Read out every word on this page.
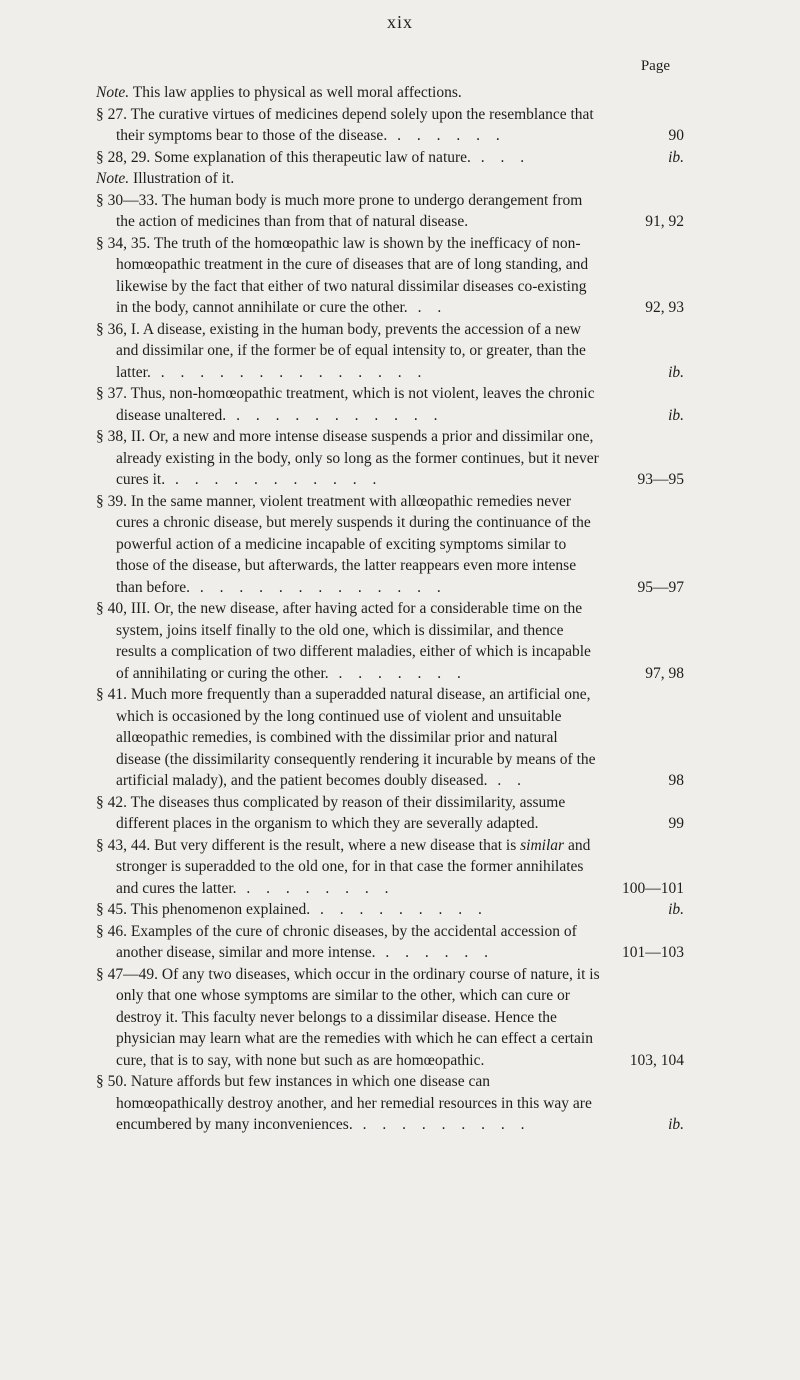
xix
Page
Note. This law applies to physical as well moral affections.
§ 27. The curative virtues of medicines depend solely upon the resemblance that their symptoms bear to those of the disease. . . . . . .	90
§ 28, 29. Some explanation of this therapeutic law of nature. . . .	ib.
Note. Illustration of it.
§ 30—33. The human body is much more prone to undergo derangement from the action of medicines than from that of natural disease.	91, 92
§ 34, 35. The truth of the homœopathic law is shown by the inefficacy of non-homœopathic treatment in the cure of diseases that are of long standing, and likewise by the fact that either of two natural dissimilar diseases co-existing in the body, cannot annihilate or cure the other. . .	92, 93
§ 36, I. A disease, existing in the human body, prevents the accession of a new and dissimilar one, if the former be of equal intensity to, or greater, than the latter. . . . . . . . . . . . . . .	ib.
§ 37. Thus, non-homœopathic treatment, which is not violent, leaves the chronic disease unaltered. . . . . . . . . . . .	ib.
§ 38, II. Or, a new and more intense disease suspends a prior and dissimilar one, already existing in the body, only so long as the former continues, but it never cures it. . . . . . . . . . . .	93—95
§ 39. In the same manner, violent treatment with allœopathic remedies never cures a chronic disease, but merely suspends it during the continuance of the powerful action of a medicine incapable of exciting symptoms similar to those of the disease, but afterwards, the latter reappears even more intense than before. . . . . . . . . . . . . .	95—97
§ 40, III. Or, the new disease, after having acted for a considerable time on the system, joins itself finally to the old one, which is dissimilar, and thence results a complication of two different maladies, either of which is incapable of annihilating or curing the other. . . . . . . .	97, 98
§ 41. Much more frequently than a superadded natural disease, an artificial one, which is occasioned by the long continued use of violent and unsuitable allœopathic remedies, is combined with the dissimilar prior and natural disease (the dissimilarity consequently rendering it incurable by means of the artificial malady), and the patient becomes doubly diseased. . .	98
§ 42. The diseases thus complicated by reason of their dissimilarity, assume different places in the organism to which they are severally adapted.	99
§ 43, 44. But very different is the result, where a new disease that is similar and stronger is superadded to the old one, for in that case the former annihilates and cures the latter. . . . . . . . .	100—101
§ 45. This phenomenon explained. . . . . . . . . .	ib.
§ 46. Examples of the cure of chronic diseases, by the accidental accession of another disease, similar and more intense. . . . . . .	101—103
§ 47—49. Of any two diseases, which occur in the ordinary course of nature, it is only that one whose symptoms are similar to the other, which can cure or destroy it. This faculty never belongs to a dissimilar disease. Hence the physician may learn what are the remedies with which he can effect a certain cure, that is to say, with none but such as are homœopathic.	103, 104
§ 50. Nature affords but few instances in which one disease can homœopathically destroy another, and her remedial resources in this way are encumbered by many inconveniences. . . . . . . . . .	ib.
